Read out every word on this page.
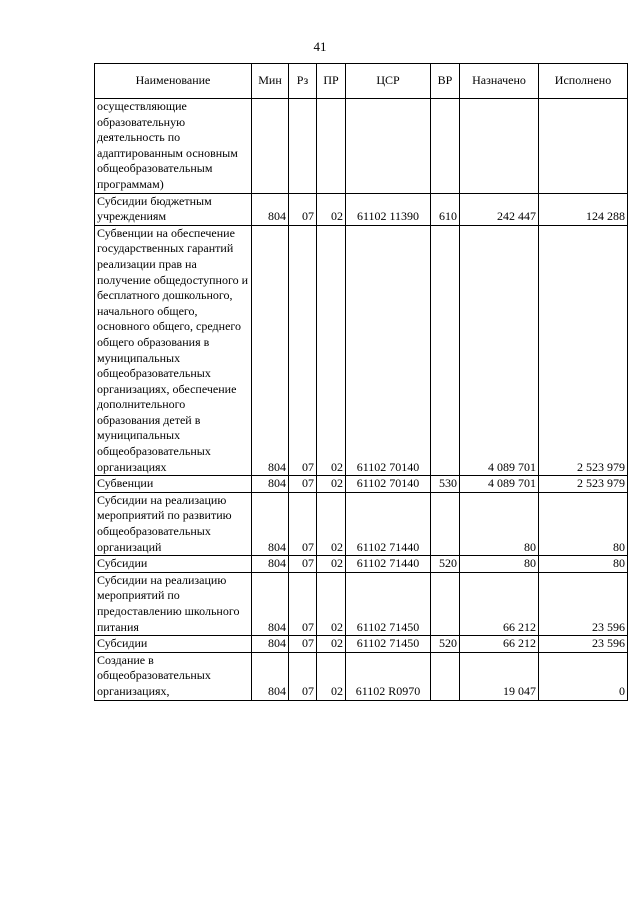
41
Наименование	Мин	Рз	ПР	ЦСР	ВР	Назначено	Исполнено
осуществляющие образовательную деятельность по адаптированным основным общеобразовательным программам)							
Субсидии бюджетным учреждениям	804	07	02	61102 11390	610	242 447	124 288
Субвенции на обеспечение государственных гарантий реализации прав на получение общедоступного и бесплатного дошкольного, начального общего, основного общего, среднего общего образования в муниципальных общеобразовательных организациях, обеспечение дополнительного образования детей в муниципальных общеобразовательных организациях	804	07	02	61102 70140		4 089 701	2 523 979
Субвенции	804	07	02	61102 70140	530	4 089 701	2 523 979
Субсидии на реализацию мероприятий по развитию общеобразовательных организаций	804	07	02	61102 71440		80	80
Субсидии	804	07	02	61102 71440	520	80	80
Субсидии на реализацию мероприятий по предоставлению школьного питания	804	07	02	61102 71450		66 212	23 596
Субсидии	804	07	02	61102 71450	520	66 212	23 596
Создание в общеобразовательных организациях,	804	07	02	61102 R0970		19 047	0
